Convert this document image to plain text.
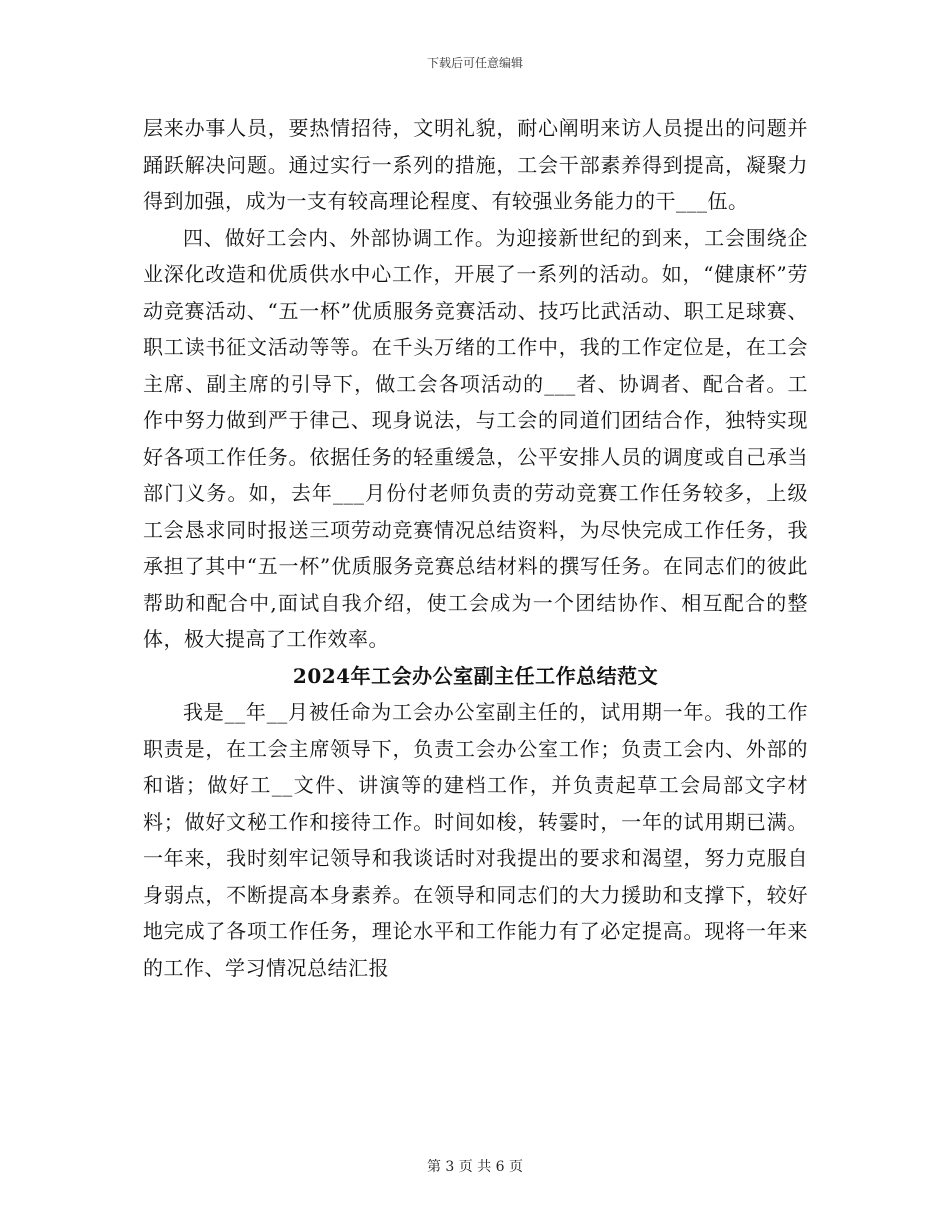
下载后可任意编辑

层来办事人员，要热情招待，文明礼貌，耐心阐明来访人员提出的问题并踊跃解决问题。通过实行一系列的措施，工会干部素养得到提高，凝聚力得到加强，成为一支有较高理论程度、有较强业务能力的干___伍。

四、做好工会内、外部协调工作。为迎接新世纪的到来，工会围绕企业深化改造和优质供水中心工作，开展了一系列的活动。如，“健康杯”劳动竞赛活动、“五一杯”优质服务竞赛活动、技巧比武活动、职工足球赛、职工读书征文活动等等。在千头万绪的工作中，我的工作定位是，在工会主席、副主席的引导下，做工会各项活动的___者、协调者、配合者。工作中努力做到严于律己、现身说法，与工会的同道们团结合作，独特实现好各项工作任务。依据任务的轻重缓急，公平安排人员的调度或自己承当部门义务。如，去年___月份付老师负责的劳动竞赛工作任务较多，上级工会恳求同时报送三项劳动竞赛情况总结资料，为尽快完成工作任务，我承担了其中“五一杯”优质服务竞赛总结材料的撰写任务。在同志们的彼此帮助和配合中,面试自我介绍，使工会成为一个团结协作、相互配合的整体，极大提高了工作效率。

2024年工会办公室副主任工作总结范文

我是__年__月被任命为工会办公室副主任的，试用期一年。我的工作职责是，在工会主席领导下，负责工会办公室工作；负责工会内、外部的和谐；做好工__文件、讲演等的建档工作，并负责起草工会局部文字材料；做好文秘工作和接待工作。时间如梭，转霎时，一年的试用期已满。一年来，我时刻牢记领导和我谈话时对我提出的要求和渴望，努力克服自身弱点，不断提高本身素养。在领导和同志们的大力援助和支撑下，较好地完成了各项工作任务，理论水平和工作能力有了必定提高。现将一年来的工作、学习情况总结汇报

第 3 页 共 6 页
